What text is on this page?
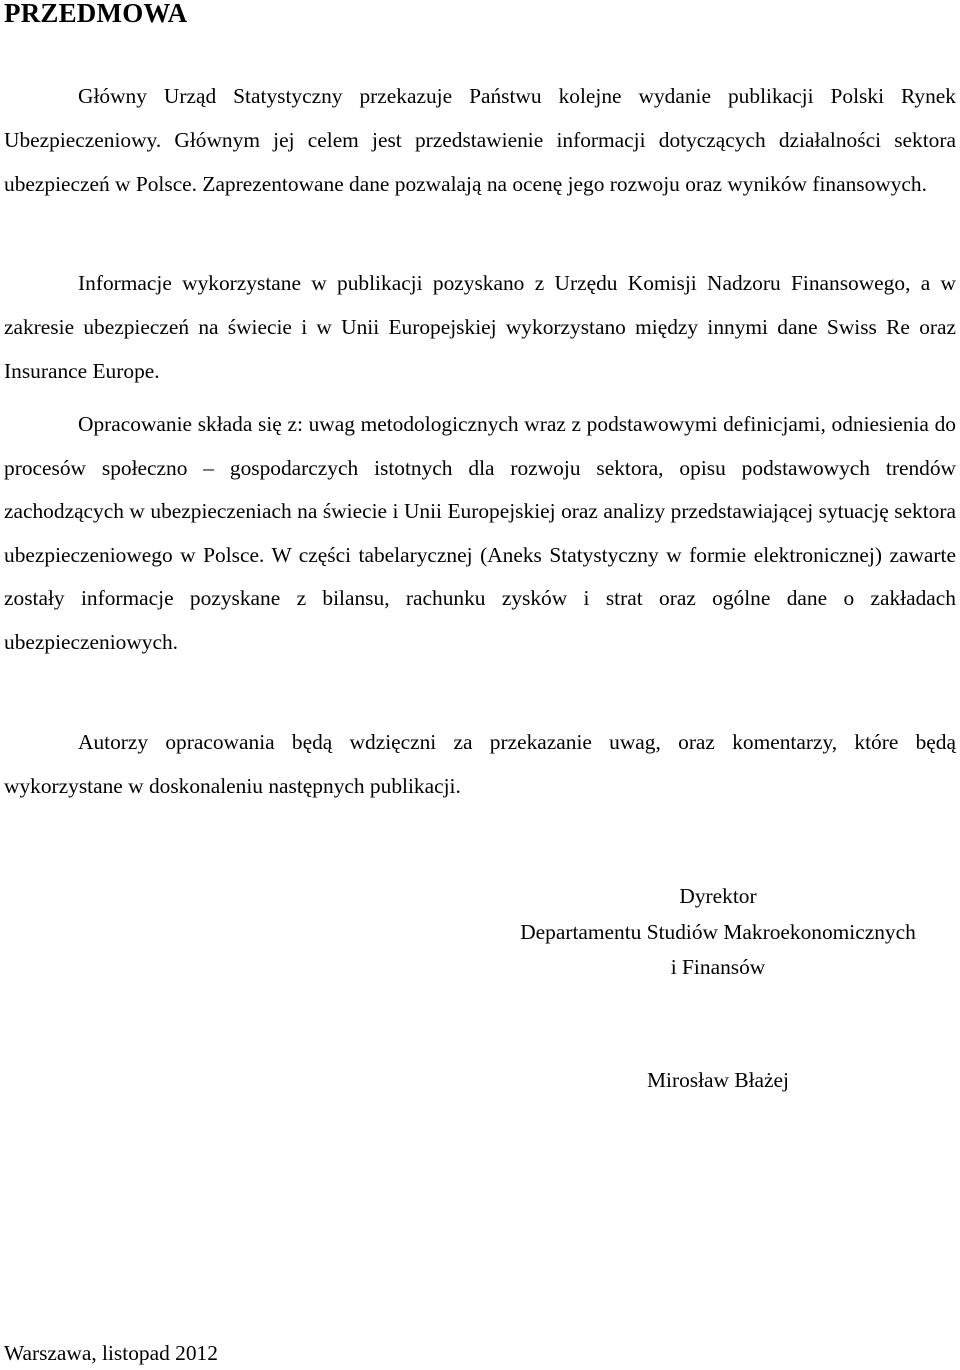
PRZEDMOWA

Główny Urząd Statystyczny przekazuje Państwu kolejne wydanie publikacji Polski Rynek Ubezpieczeniowy. Głównym jej celem jest przedstawienie informacji dotyczących działalności sektora ubezpieczeń w Polsce. Zaprezentowane dane pozwalają na ocenę jego rozwoju oraz wyników finansowych.

Informacje wykorzystane w publikacji pozyskano z Urzędu Komisji Nadzoru Finansowego, a w zakresie ubezpieczeń na świecie i w Unii Europejskiej wykorzystano między innymi dane Swiss Re oraz Insurance Europe.

Opracowanie składa się z: uwag metodologicznych wraz z podstawowymi definicjami, odniesienia do procesów społeczno – gospodarczych istotnych dla rozwoju sektora, opisu podstawowych trendów zachodzących w ubezpieczeniach na świecie i Unii Europejskiej oraz analizy przedstawiającej sytuację sektora ubezpieczeniowego w Polsce. W części tabelarycznej (Aneks Statystyczny w formie elektronicznej) zawarte zostały informacje pozyskane z bilansu, rachunku zysków i strat oraz ogólne dane o zakładach ubezpieczeniowych.

Autorzy opracowania będą wdzięczni za przekazanie uwag, oraz komentarzy, które będą wykorzystane w doskonaleniu następnych publikacji.

Dyrektor
Departamentu Studiów Makroekonomicznych
i Finansów
Mirosław Błażej
Warszawa, listopad 2012
